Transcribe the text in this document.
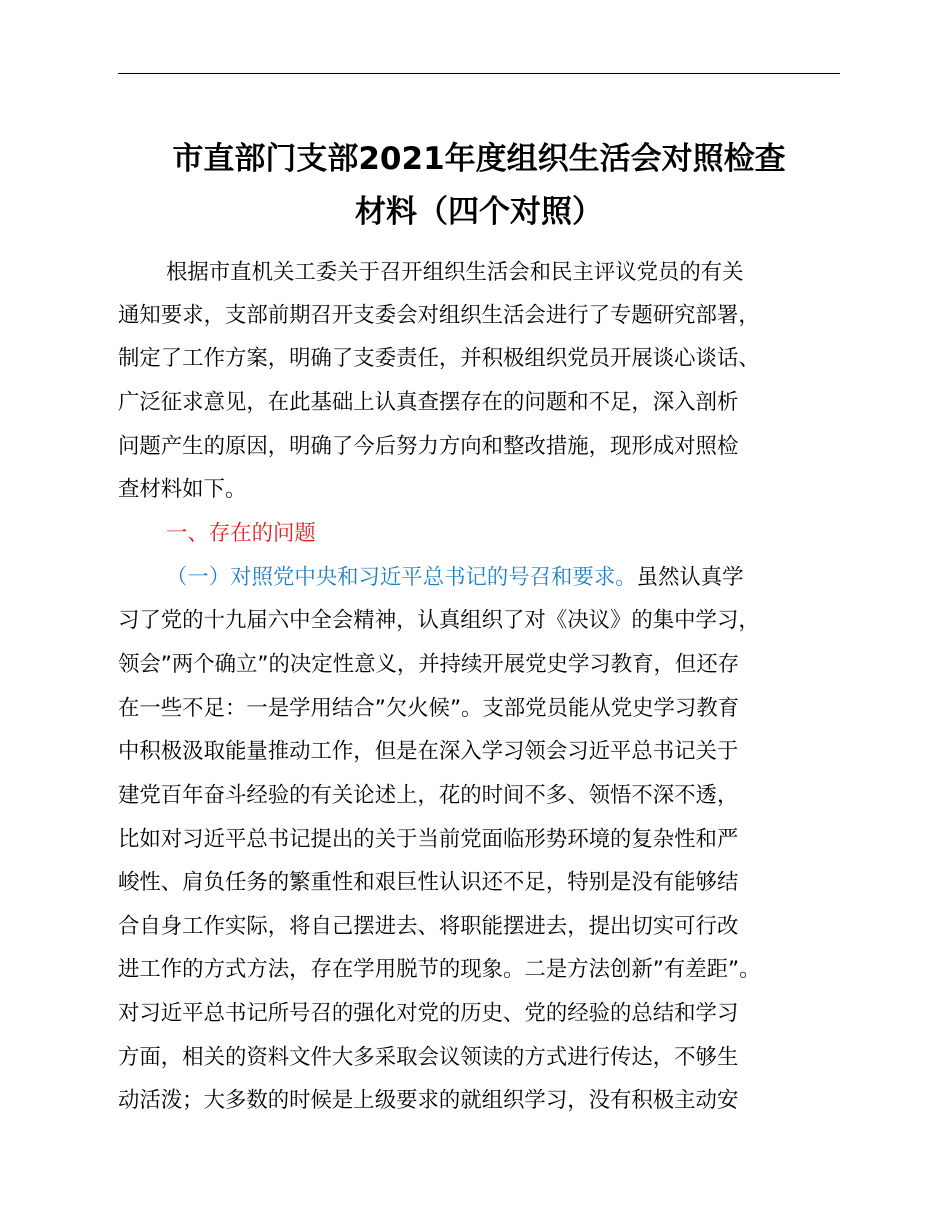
市直部门支部2021年度组织生活会对照检查
材料（四个对照）

根据市直机关工委关于召开组织生活会和民主评议党员的有关

通知要求，支部前期召开支委会对组织生活会进行了专题研究部署，

制定了工作方案，明确了支委责任，并积极组织党员开展谈心谈话、

广泛征求意见，在此基础上认真查摆存在的问题和不足，深入剖析

问题产生的原因，明确了今后努力方向和整改措施，现形成对照检

查材料如下。

一、存在的问题

（一）对照党中央和习近平总书记的号召和要求。虽然认真学

习了党的十九届六中全会精神，认真组织了对《决议》的集中学习，

领会”两个确立”的决定性意义，并持续开展党史学习教育，但还存

在一些不足：一是学用结合”欠火候”。支部党员能从党史学习教育

中积极汲取能量推动工作，但是在深入学习领会习近平总书记关于

建党百年奋斗经验的有关论述上，花的时间不多、领悟不深不透，

比如对习近平总书记提出的关于当前党面临形势环境的复杂性和严

峻性、肩负任务的繁重性和艰巨性认识还不足，特别是没有能够结

合自身工作实际，将自己摆进去、将职能摆进去，提出切实可行改

进工作的方式方法，存在学用脱节的现象。二是方法创新”有差距”。

对习近平总书记所号召的强化对党的历史、党的经验的总结和学习

方面，相关的资料文件大多采取会议领读的方式进行传达，不够生

动活泼；大多数的时候是上级要求的就组织学习，没有积极主动安
